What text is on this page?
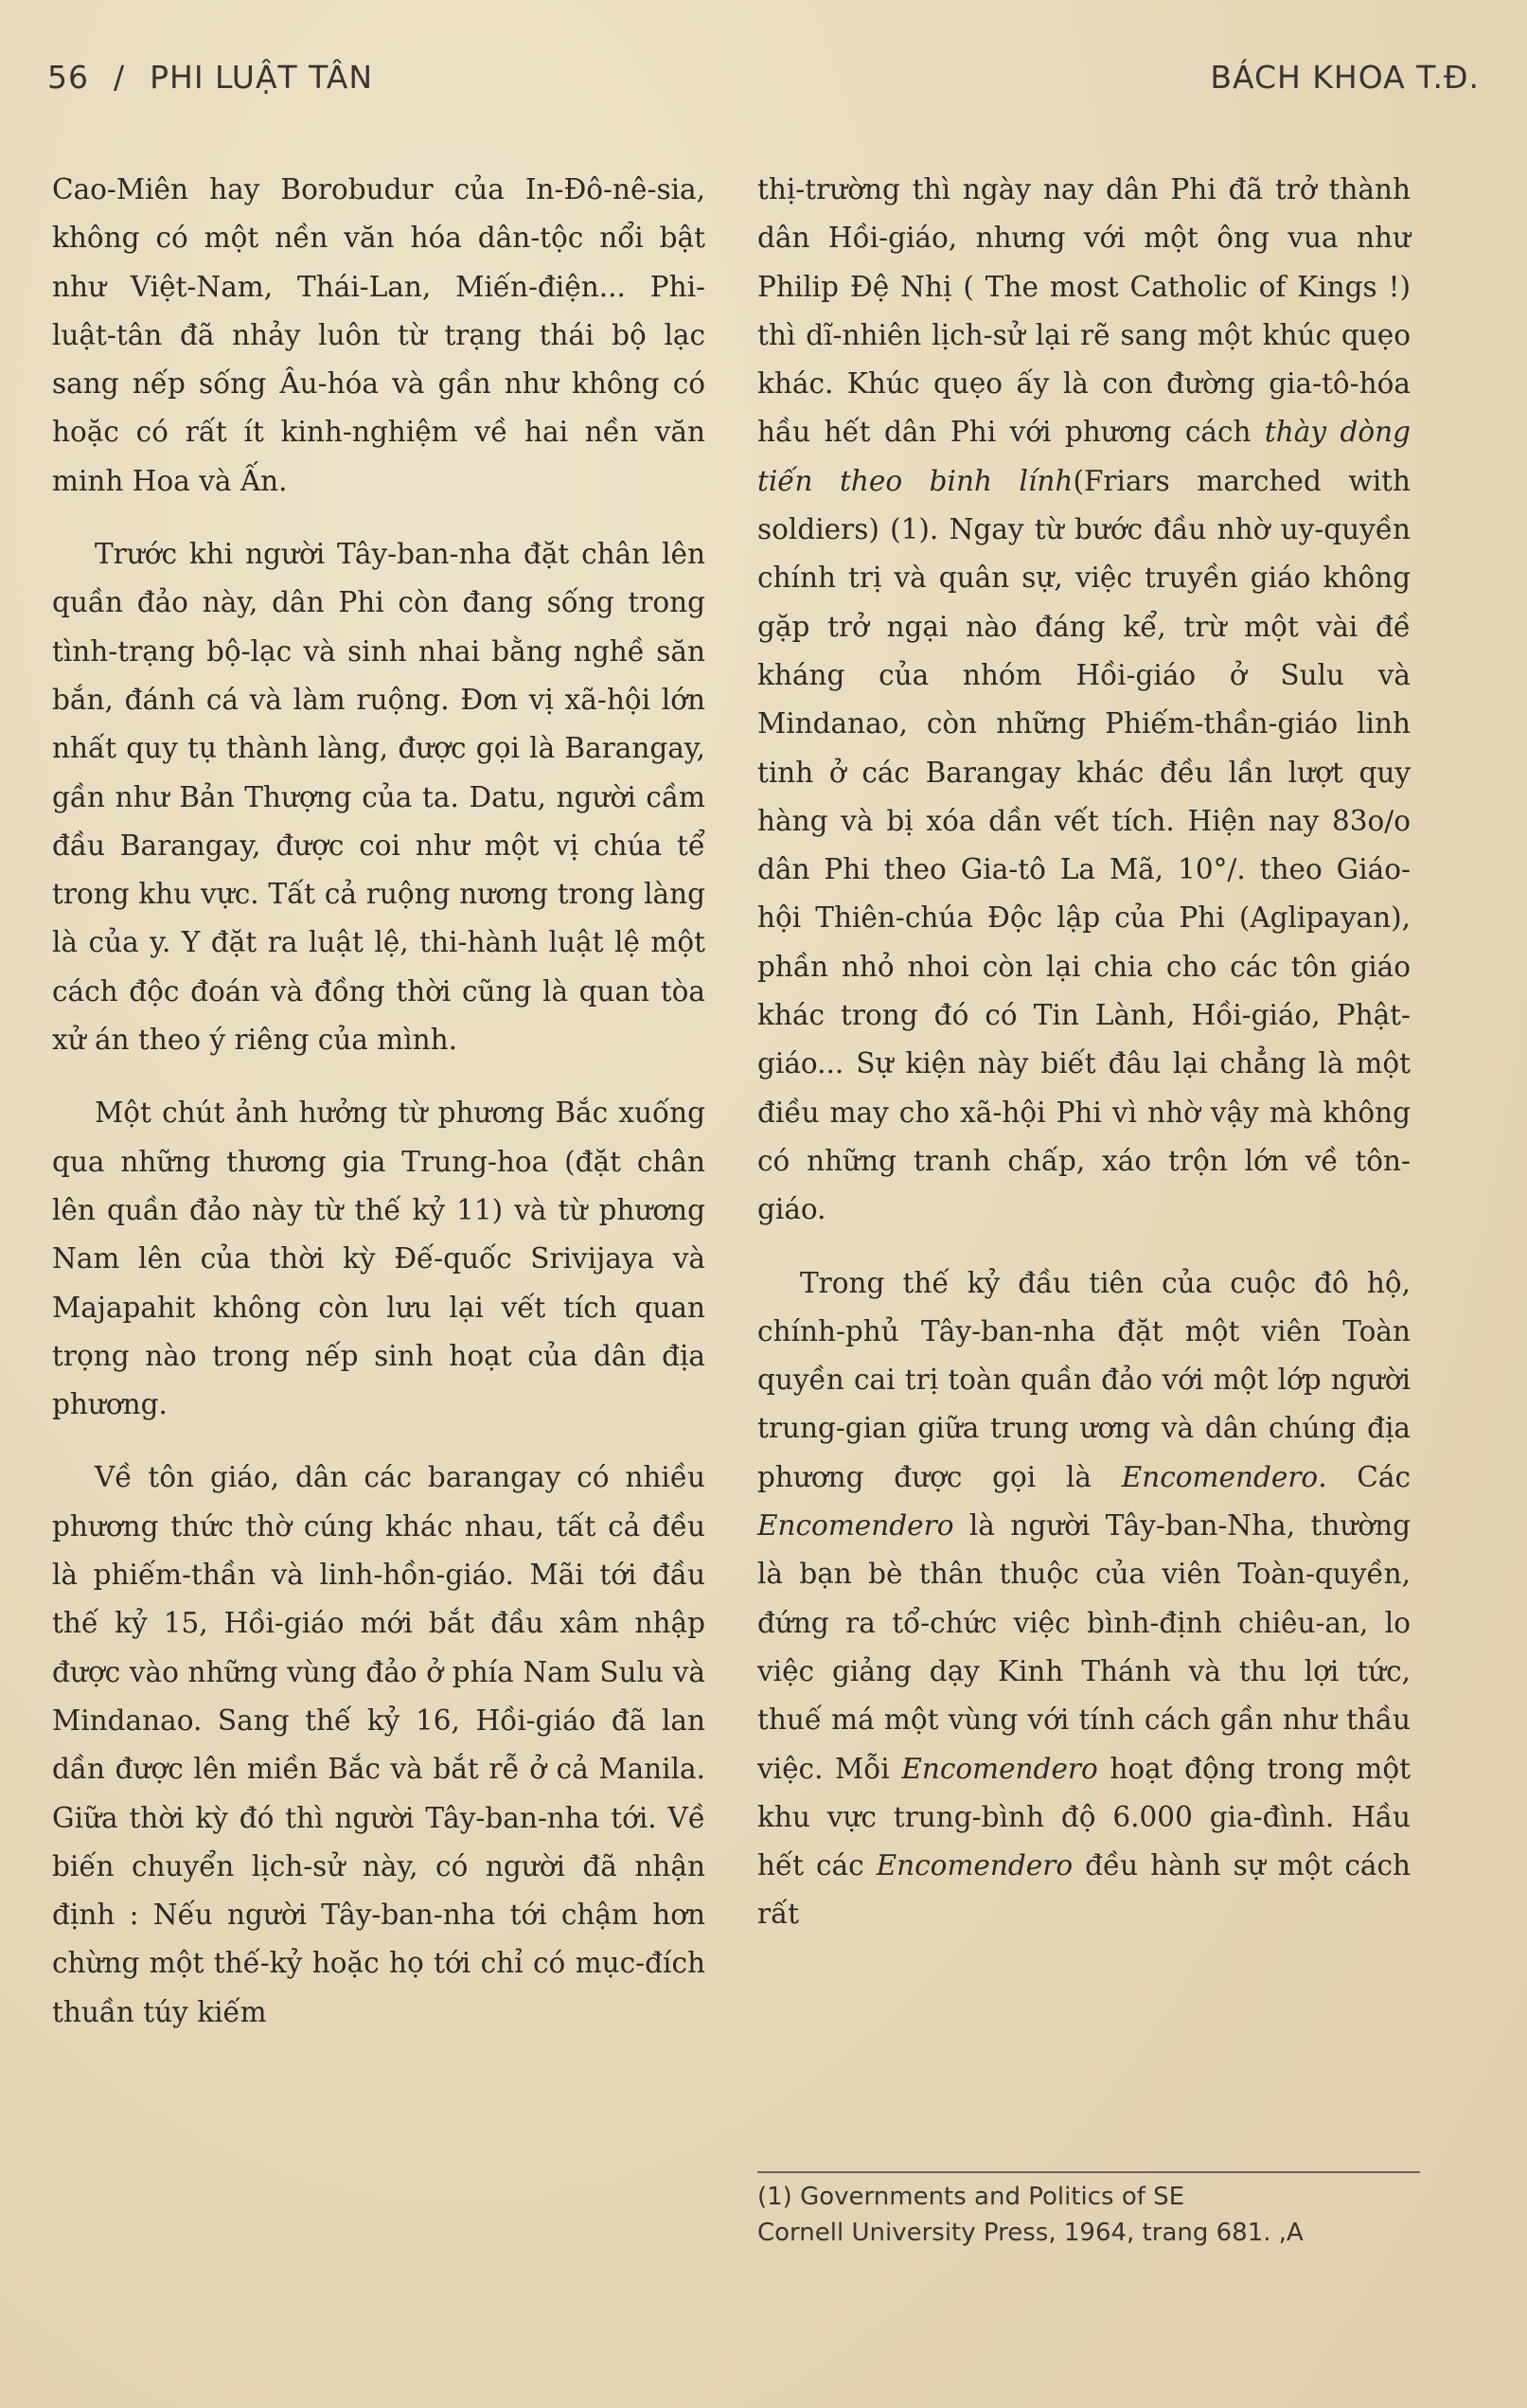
56 / PHI LUẬT TÂN	BÁCH KHOA T.Đ.

Cao-Miên hay Borobudur của In-Đô-nê-sia, không có một nền văn hóa dân-tộc nổi bật như Việt-Nam, Thái-Lan, Miến-điện... Phi-luật-tân đã nhảy luôn từ trạng thái bộ lạc sang nếp sống Âu-hóa và gần như không có hoặc có rất ít kinh-nghiệm về hai nền văn minh Hoa và Ấn.

Trước khi người Tây-ban-nha đặt chân lên quần đảo này, dân Phi còn đang sống trong tình-trạng bộ-lạc và sinh nhai bằng nghề săn bắn, đánh cá và làm ruộng. Đơn vị xã-hội lớn nhất quy tụ thành làng, được gọi là Barangay, gần như Bản Thượng của ta. Datu, người cầm đầu Barangay, được coi như một vị chúa tể trong khu vực. Tất cả ruộng nương trong làng là của y. Y đặt ra luật lệ, thi-hành luật lệ một cách độc đoán và đồng thời cũng là quan tòa xử án theo ý riêng của mình.

Một chút ảnh hưởng từ phương Bắc xuống qua những thương gia Trung-hoa (đặt chân lên quần đảo này từ thế kỷ 11) và từ phương Nam lên của thời kỳ Đế-quốc Srivijaya và Majapahit không còn lưu lại vết tích quan trọng nào trong nếp sinh hoạt của dân địa phương.

Về tôn giáo, dân các barangay có nhiều phương thức thờ cúng khác nhau, tất cả đều là phiếm-thần và linh-hồn-giáo. Mãi tới đầu thế kỷ 15, Hồi-giáo mới bắt đầu xâm nhập được vào những vùng đảo ở phía Nam Sulu và Mindanao. Sang thế kỷ 16, Hồi-giáo đã lan dần được lên miền Bắc và bắt rễ ở cả Manila. Giữa thời kỳ đó thì người Tây-ban-nha tới. Về biến chuyển lịch-sử này, có người đã nhận định : Nếu người Tây-ban-nha tới chậm hơn chừng một thế-kỷ hoặc họ tới chỉ có mục-đích thuần túy kiếm

thị-trường thì ngày nay dân Phi đã trở thành dân Hồi-giáo, nhưng với một ông vua như Philip Đệ Nhị ( The most Catholic of Kings !) thì dĩ-nhiên lịch-sử lại rẽ sang một khúc quẹo khác. Khúc quẹo ấy là con đường gia-tô-hóa hầu hết dân Phi với phương cách thày dòng tiến theo binh lính(Friars marched with soldiers) (1). Ngay từ bước đầu nhờ uy-quyền chính trị và quân sự, việc truyền giáo không gặp trở ngại nào đáng kể, trừ một vài đề kháng của nhóm Hồi-giáo ở Sulu và Mindanao, còn những Phiếm-thần-giáo linh tinh ở các Barangay khác đều lần lượt quy hàng và bị xóa dần vết tích. Hiện nay 83o/o dân Phi theo Gia-tô La Mã, 10°/. theo Giáo-hội Thiên-chúa Độc lập của Phi (Aglipayan), phần nhỏ nhoi còn lại chia cho các tôn giáo khác trong đó có Tin Lành, Hồi-giáo, Phật-giáo... Sự kiện này biết đâu lại chẳng là một điều may cho xã-hội Phi vì nhờ vậy mà không có những tranh chấp, xáo trộn lớn về tôn-giáo.

Trong thế kỷ đầu tiên của cuộc đô hộ, chính-phủ Tây-ban-nha đặt một viên Toàn quyền cai trị toàn quần đảo với một lớp người trung-gian giữa trung ương và dân chúng địa phương được gọi là Encomendero. Các Encomendero là người Tây-ban-Nha, thường là bạn bè thân thuộc của viên Toàn-quyền, đứng ra tổ-chức việc bình-định chiêu-an, lo việc giảng dạy Kinh Thánh và thu lợi tức, thuế má một vùng với tính cách gần như thầu việc. Mỗi Encomendero hoạt động trong một khu vực trung-bình độ 6.000 gia-đình. Hầu hết các Encomendero đều hành sự một cách rất

(1) Governments and Politics of SE
Cornell University Press, 1964, trang 681. ,A
